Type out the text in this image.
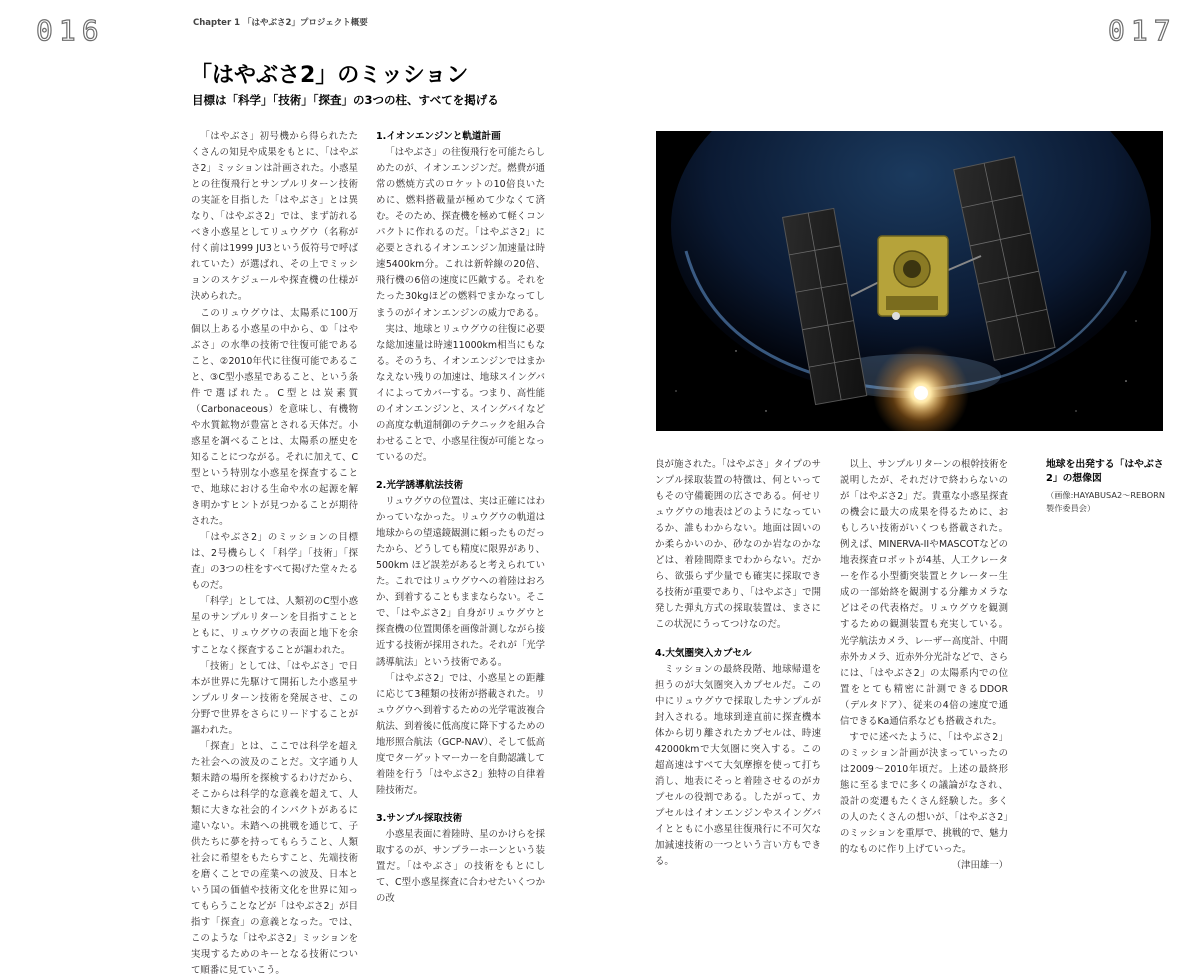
016	017
Chapter 1 「はやぶさ2」プロジェクト概要
「はやぶさ2」のミッション
目標は「科学」「技術」「探査」の3つの柱、すべてを掲げる

「はやぶさ」初号機から得られたたくさんの知見や成果をもとに、「はやぶさ2」ミッションは計画された。小惑星との往復飛行とサンプルリターン技術の実証を目指した「はやぶさ」とは異なり、「はやぶさ2」では、まず訪れるべき小惑星としてリュウグウ（名称が付く前は1999 JU3という仮符号で呼ばれていた）が選ばれ、その上でミッションのスケジュールや探査機の仕様が決められた。

このリュウグウは、太陽系に100万個以上ある小惑星の中から、①「はやぶさ」の水準の技術で往復可能であること、②2010年代に往復可能であること、③C型小惑星であること、という条件で選ばれた。C型とは炭素質（Carbonaceous）を意味し、有機物や水質鉱物が豊富とされる天体だ。小惑星を調べることは、太陽系の歴史を知ることにつながる。それに加えて、C型という特別な小惑星を探査することで、地球における生命や水の起源を解き明かすヒントが見つかることが期待された。

「はやぶさ2」のミッションの目標は、2号機らしく「科学」「技術」「探査」の3つの柱をすべて掲げた堂々たるものだ。

「科学」としては、人類初のC型小惑星のサンプルリターンを目指すこととともに、リュウグウの表面と地下を余すことなく探査することが謳われた。

「技術」としては、「はやぶさ」で日本が世界に先駆けて開拓した小惑星サンプルリターン技術を発展させ、この分野で世界をさらにリードすることが謳われた。

「探査」とは、ここでは科学を超えた社会への波及のことだ。文字通り人類未踏の場所を探検するわけだから、そこからは科学的な意義を超えて、人類に大きな社会的インパクトがあるに違いない。未踏への挑戦を通じて、子供たちに夢を持ってもらうこと、人類社会に希望をもたらすこと、先端技術を磨くことでの産業への波及、日本という国の価値や技術文化を世界に知ってもらうことなどが「はやぶさ2」が目指す「探査」の意義となった。では、このような「はやぶさ2」ミッションを実現するためのキーとなる技術について順番に見ていこう。

1.イオンエンジンと軌道計画

「はやぶさ」の往復飛行を可能たらしめたのが、イオンエンジンだ。燃費が通常の燃焼方式のロケットの10倍良いために、燃料搭載量が極めて少なくて済む。そのため、探査機を極めて軽くコンパクトに作れるのだ。「はやぶさ2」に必要とされるイオンエンジン加速量は時速5400km分。これは新幹線の20倍、飛行機の6倍の速度に匹敵する。それをたった30kgほどの燃料でまかなってしまうのがイオンエンジンの威力である。

実は、地球とリュウグウの往復に必要な総加速量は時速11000km相当にもなる。そのうち、イオンエンジンではまかなえない残りの加速は、地球スイングバイによってカバーする。つまり、高性能のイオンエンジンと、スイングバイなどの高度な軌道制御のテクニックを組み合わせることで、小惑星往復が可能となっているのだ。

2.光学誘導航法技術

リュウグウの位置は、実は正確にはわかっていなかった。リュウグウの軌道は地球からの望遠鏡観測に頼ったものだったから、どうしても精度に限界があり、500km ほど誤差があると考えられていた。これではリュウグウへの着陸はおろか、到着することもままならない。そこで、「はやぶさ2」自身がリュウグウと探査機の位置関係を画像計測しながら接近する技術が採用された。それが「光学誘導航法」という技術である。

「はやぶさ2」では、小惑星との距離に応じて3種類の技術が搭載された。リュウグウへ到着するための光学電波複合航法、到着後に低高度に降下するための地形照合航法（GCP-NAV）、そして低高度でターゲットマーカーを自動認識して着陸を行う「はやぶさ2」独特の自律着陸技術だ。

3.サンプル採取技術

小惑星表面に着陸時、星のかけらを採取するのが、サンプラーホーンという装置だ。「はやぶさ」の技術をもとにして、C型小惑星探査に合わせたいくつかの改

地球を出発する「はやぶさ2」の想像図
（画像:HAYABUSA2～REBORN製作委員会）

良が施された。「はやぶさ」タイプのサンプル採取装置の特徴は、何といってもその守備範囲の広さである。何せリュウグウの地表はどのようになっているか、誰もわからない。地面は固いのか柔らかいのか、砂なのか岩なのかなどは、着陸間際までわからない。だから、欲張らず少量でも確実に採取できる技術が重要であり、「はやぶさ」で開発した弾丸方式の採取装置は、まさにこの状況にうってつけなのだ。

4.大気圏突入カプセル

ミッションの最終段階、地球帰還を担うのが大気圏突入カプセルだ。この中にリュウグウで採取したサンプルが封入される。地球到達直前に探査機本体から切り離されたカプセルは、時速42000kmで大気圏に突入する。この超高速はすべて大気摩擦を使って打ち消し、地表にそっと着陸させるのがカプセルの役割である。したがって、カプセルはイオンエンジンやスイングバイとともに小惑星往復飛行に不可欠な加減速技術の一つという言い方もできる。

以上、サンプルリターンの根幹技術を説明したが、それだけで終わらないのが「はやぶさ2」だ。貴重な小惑星探査の機会に最大の成果を得るために、おもしろい技術がいくつも搭載された。例えば、MINERVA-IIやMASCOTなどの地表探査ロボットが4基、人工クレーターを作る小型衝突装置とクレーター生成の一部始終を観測する分離カメラなどはその代表格だ。リュウグウを観測するための観測装置も充実している。光学航法カメラ、レーザー高度計、中間赤外カメラ、近赤外分光計などで、さらには、「はやぶさ2」の太陽系内での位置をとても精密に計測できるDDOR（デルタドア）、従来の4倍の速度で通信できるKa通信系なども搭載された。

すでに述べたように、「はやぶさ2」のミッション計画が決まっていったのは2009～2010年頃だ。上述の最終形態に至るまでに多くの議論がなされ、設計の変遷もたくさん経験した。多くの人のたくさんの想いが、「はやぶさ2」のミッションを重厚で、挑戦的で、魅力的なものに作り上げていった。

（津田雄一）
